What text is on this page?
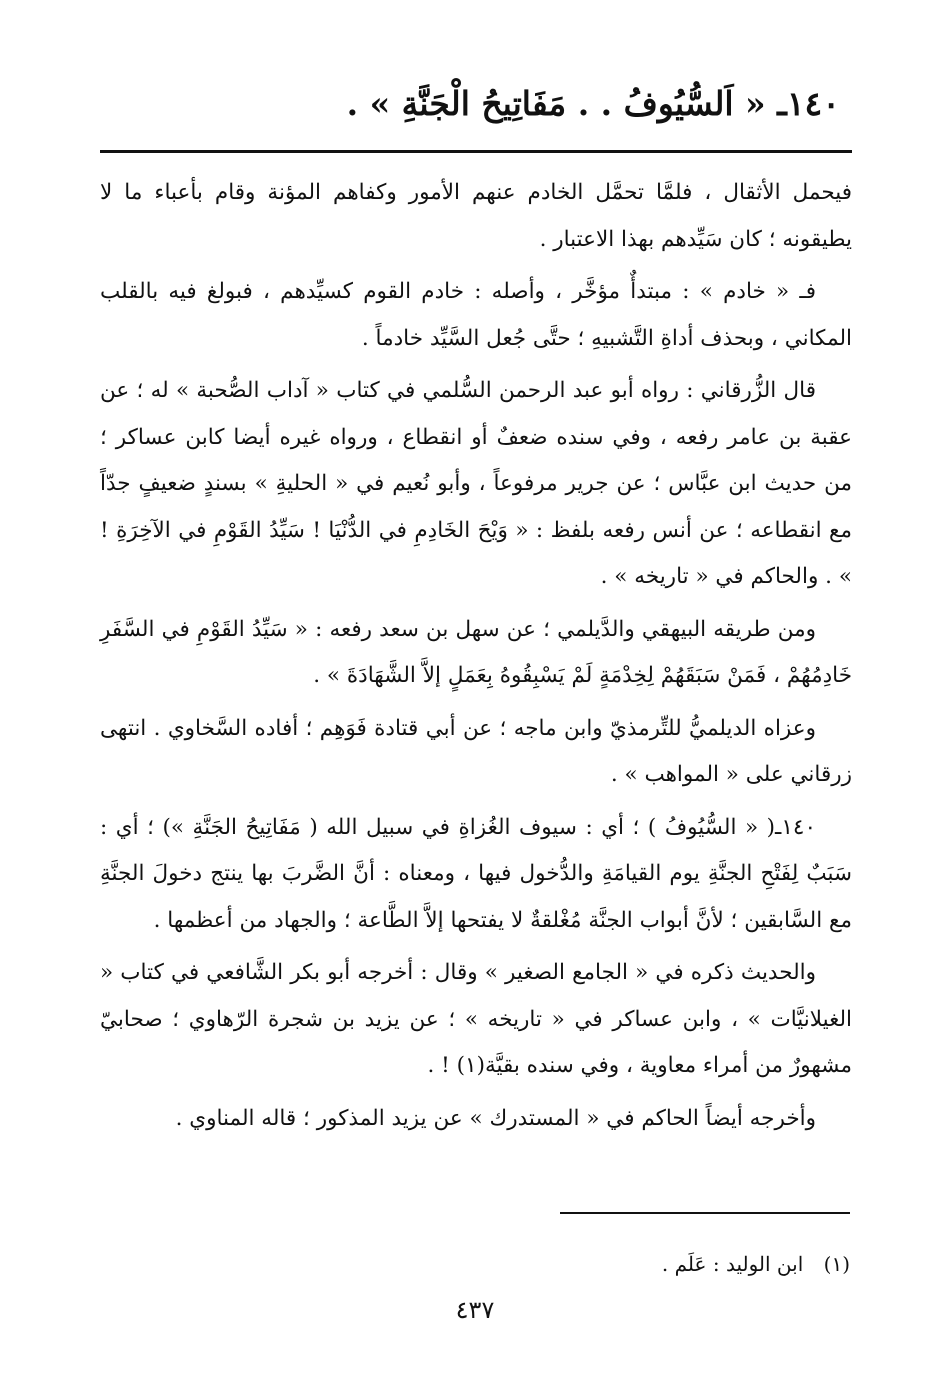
١٤٠ـ « اَلسُّيُوفُ . . مَفَاتِيحُ الْجَنَّةِ » .

فيحمل الأثقال ، فلمَّا تحمَّل الخادم عنهم الأمور وكفاهم المؤنة وقام بأعباء ما لا يطيقونه ؛ كان سَيِّدهم بهذا الاعتبار .

فـ « خادم » : مبتدأٌ مؤخَّر ، وأصله : خادم القوم كسيِّدهم ، فبولغ فيه بالقلب المكاني ، وبحذف أداةِ التَّشبيهِ ؛ حتَّى جُعل السَّيِّد خادماً .

قال الزُّرقاني : رواه أبو عبد الرحمن السُّلمي في كتاب « آداب الصُّحبة » له ؛ عن عقبة بن عامر رفعه ، وفي سنده ضعفٌ أو انقطاع ، ورواه غيره أيضا كابن عساكر ؛ من حديث ابن عبَّاس ؛ عن جرير مرفوعاً ، وأبو نُعيم في « الحليةِ » بسندٍ ضعيفٍ جدّاً مع انقطاعه ؛ عن أنس رفعه بلفظ : « وَيْحَ الخَادِمِ في الدُّنْيَا ! سَيِّدُ القَوْمِ في الآخِرَةِ ! » . والحاكم في « تاريخه » .

ومن طريقه البيهقي والدَّيلمي ؛ عن سهل بن سعد رفعه : « سَيِّدُ القَوْمِ في السَّفَرِ خَادِمُهُمْ ، فَمَنْ سَبَقَهُمْ لِخِدْمَةٍ لَمْ يَسْبِقُوهُ بِعَمَلٍ إلاَّ الشَّهَادَةَ » .

وعزاه الديلميُّ للتِّرمذيّ وابن ماجه ؛ عن أبي قتادة فَوَهِم ؛ أفاده السَّخاوي . انتهى زرقاني على « المواهب » .

١٤٠ـ( « السُّيُوفُ ) ؛ أي : سيوف الغُزاةِ في سبيل الله ( مَفَاتِيحُ الجَنَّةِ ») ؛ أي : سَبَبٌ لِفَتْحِ الجنَّةِ يوم القيامَةِ والدُّخول فيها ، ومعناه : أنَّ الضَّربَ بها ينتج دخولَ الجنَّةِ مع السَّابقين ؛ لأنَّ أبواب الجنَّة مُغْلقةٌ لا يفتحها إلاَّ الطَّاعة ؛ والجهاد من أعظمها .

والحديث ذكره في « الجامع الصغير » وقال : أخرجه أبو بكر الشَّافعي في كتاب « الغيلانيَّات » ، وابن عساكر في « تاريخه » ؛ عن يزيد بن شجرة الرّهاوي ؛ صحابيّ مشهورٌ من أمراء معاوية ، وفي سنده بقيَّة(١) ! .

وأخرجه أيضاً الحاكم في « المستدرك » عن يزيد المذكور ؛ قاله المناوي .

(١) ابن الوليد : عَلَم .
٤٣٧
